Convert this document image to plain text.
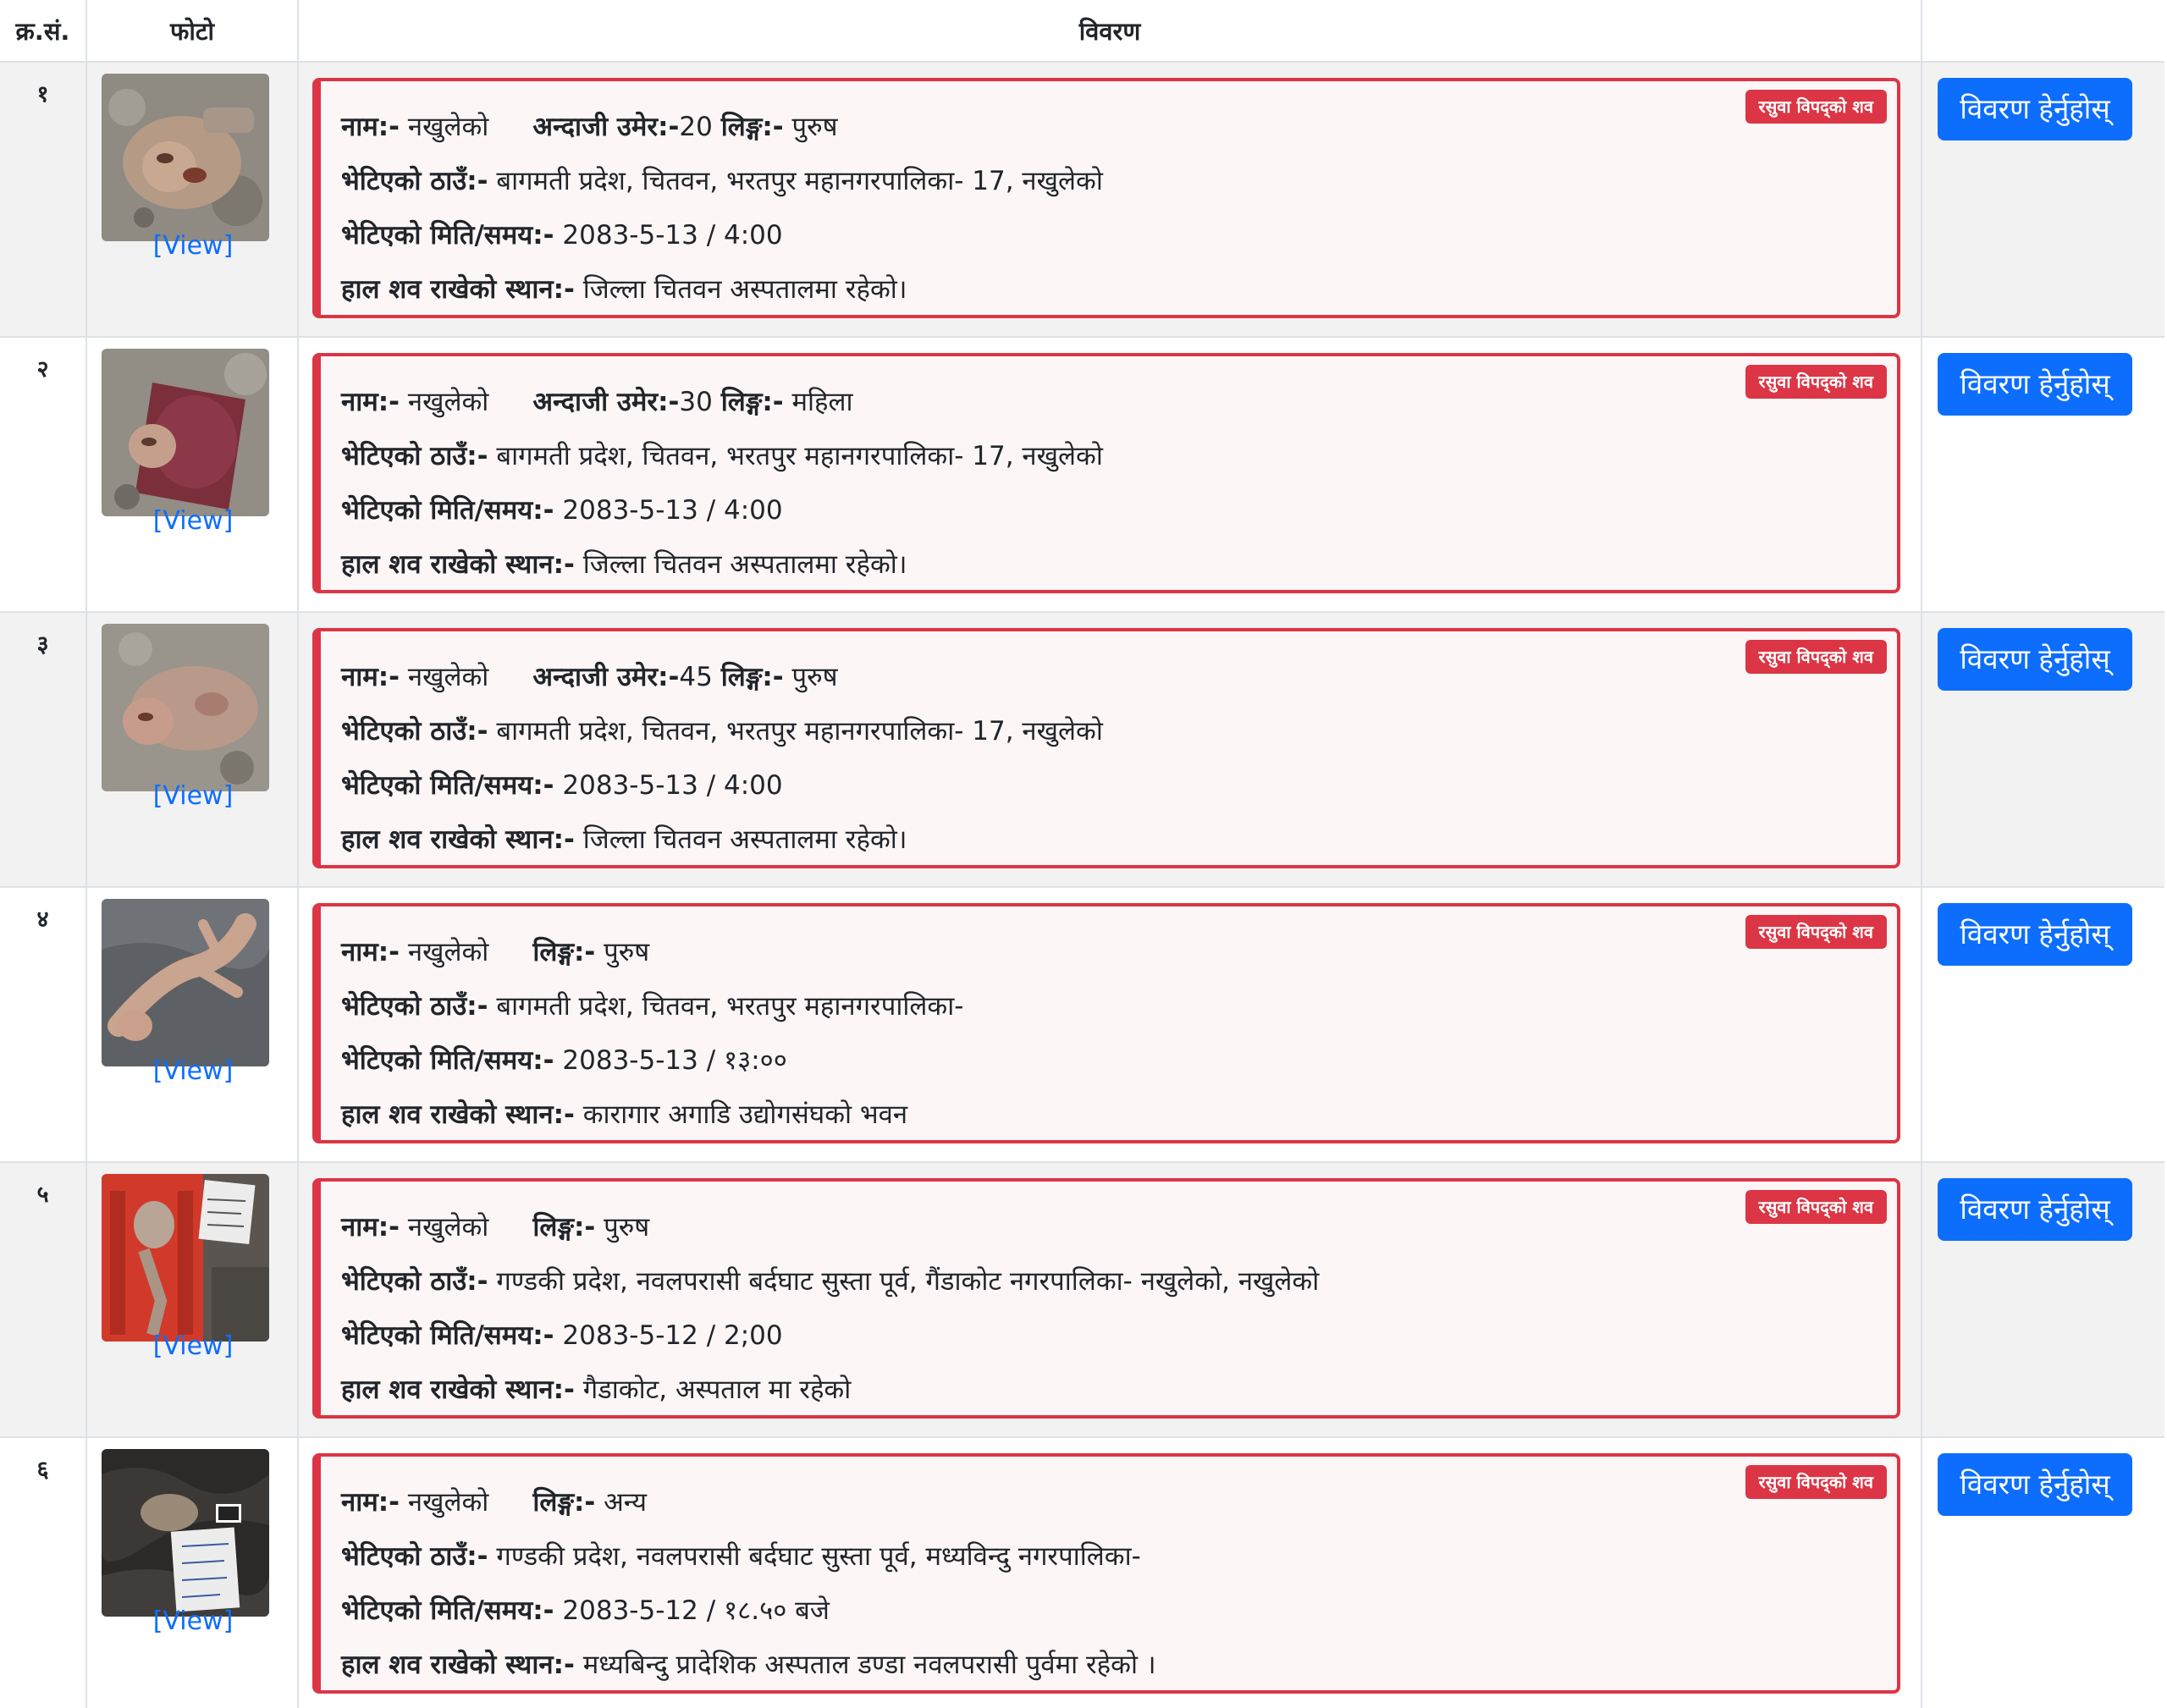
क्र.सं.	फोटो	विवरण	

१	[View]	रसुवा विपद्को शव
नाम:- नखुलेको अन्दाजी उमेर:-20 लिङ्ग:- पुरुष
भेटिएको ठाउँ:- बागमती प्रदेश, चितवन, भरतपुर महानगरपालिका- 17, नखुलेको
भेटिएको मिति/समय:- 2083-5-13 / 4:00
हाल शव राखेको स्थान:- जिल्ला चितवन अस्पतालमा रहेको।	विवरण हेर्नुहोस्

२	[View]	रसुवा विपद्को शव
नाम:- नखुलेको अन्दाजी उमेर:-30 लिङ्ग:- महिला
भेटिएको ठाउँ:- बागमती प्रदेश, चितवन, भरतपुर महानगरपालिका- 17, नखुलेको
भेटिएको मिति/समय:- 2083-5-13 / 4:00
हाल शव राखेको स्थान:- जिल्ला चितवन अस्पतालमा रहेको।	विवरण हेर्नुहोस्

३	[View]	रसुवा विपद्को शव
नाम:- नखुलेको अन्दाजी उमेर:-45 लिङ्ग:- पुरुष
भेटिएको ठाउँ:- बागमती प्रदेश, चितवन, भरतपुर महानगरपालिका- 17, नखुलेको
भेटिएको मिति/समय:- 2083-5-13 / 4:00
हाल शव राखेको स्थान:- जिल्ला चितवन अस्पतालमा रहेको।	विवरण हेर्नुहोस्

४	[View]	रसुवा विपद्को शव
नाम:- नखुलेको लिङ्ग:- पुरुष
भेटिएको ठाउँ:- बागमती प्रदेश, चितवन, भरतपुर महानगरपालिका-
भेटिएको मिति/समय:- 2083-5-13 / १३:००
हाल शव राखेको स्थान:- कारागार अगाडि उद्योगसंघको भवन	विवरण हेर्नुहोस्

५	[View]	रसुवा विपद्को शव
नाम:- नखुलेको लिङ्ग:- पुरुष
भेटिएको ठाउँ:- गण्डकी प्रदेश, नवलपरासी बर्दघाट सुस्ता पूर्व, गैंडाकोट नगरपालिका- नखुलेको, नखुलेको
भेटिएको मिति/समय:- 2083-5-12 / 2;00
हाल शव राखेको स्थान:- गैडाकोट, अस्पताल मा रहेको	विवरण हेर्नुहोस्

६	[View]	रसुवा विपद्को शव
नाम:- नखुलेको लिङ्ग:- अन्य
भेटिएको ठाउँ:- गण्डकी प्रदेश, नवलपरासी बर्दघाट सुस्ता पूर्व, मध्यविन्दु नगरपालिका-
भेटिएको मिति/समय:- 2083-5-12 / १८.५० बजे
हाल शव राखेको स्थान:- मध्यबिन्दु प्रादेशिक अस्पताल डण्डा नवलपरासी पुर्वमा रहेको ।	विवरण हेर्नुहोस्
